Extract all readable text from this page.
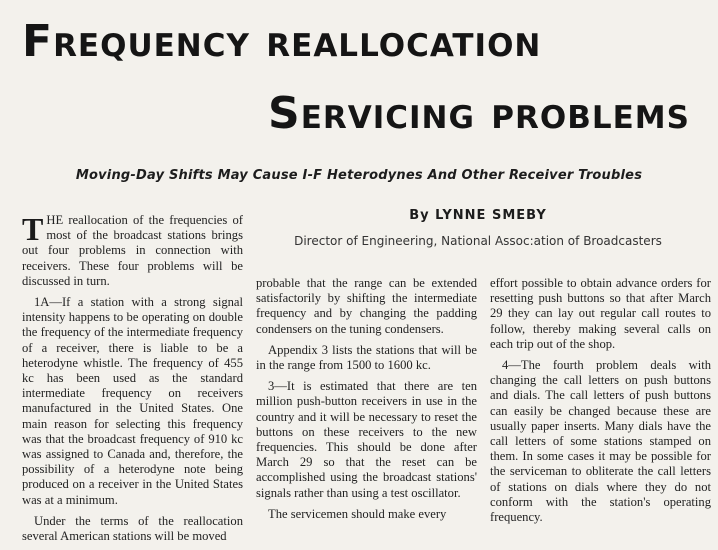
Frequency reallocation
Servicing problems
Moving-Day Shifts May Cause I-F Heterodynes And Other Receiver Troubles
By LYNNE SMEBY
Director of Engineering, National Assoc:ation of Broadcasters

THE reallocation of the frequencies of most of the broadcast stations brings out four problems in connection with receivers. These four problems will be discussed in turn.

1A—If a station with a strong signal intensity happens to be operating on double the frequency of the intermediate frequency of a receiver, there is liable to be a heterodyne whistle. The frequency of 455 kc has been used as the standard intermediate frequency on receivers manufactured in the United States. One main reason for selecting this frequency was that the broadcast frequency of 910 kc was assigned to Canada and, therefore, the possibility of a heterodyne note being produced on a receiver in the United States was at a minimum.

Under the terms of the reallocation several American stations will be moved

probable that the range can be extended satisfactorily by shifting the intermediate frequency and by changing the padding condensers on the tuning condensers.

Appendix 3 lists the stations that will be in the range from 1500 to 1600 kc.

3—It is estimated that there are ten million push-button receivers in use in the country and it will be necessary to reset the buttons on these receivers to the new frequencies. This should be done after March 29 so that the reset can be accomplished using the broadcast stations' signals rather than using a test oscillator.

The servicemen should make every

effort possible to obtain advance orders for resetting push buttons so that after March 29 they can lay out regular call routes to follow, thereby making several calls on each trip out of the shop.

4—The fourth problem deals with changing the call letters on push buttons and dials. The call letters of push buttons can easily be changed because these are usually paper inserts. Many dials have the call letters of some stations stamped on them. In some cases it may be possible for the serviceman to obliterate the call letters of stations on dials where they do not conform with the station's operating frequency.
